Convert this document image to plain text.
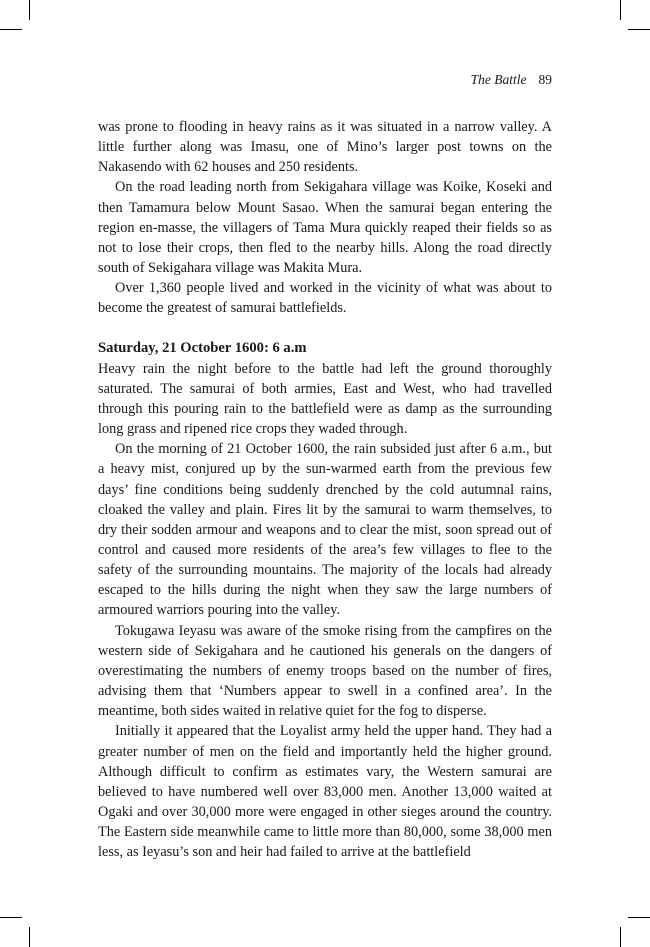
The Battle 89

was prone to flooding in heavy rains as it was situated in a narrow valley. A little further along was Imasu, one of Mino’s larger post towns on the Nakasendo with 62 houses and 250 residents.

On the road leading north from Sekigahara village was Koike, Koseki and then Tamamura below Mount Sasao. When the samurai began entering the region en-masse, the villagers of Tama Mura quickly reaped their fields so as not to lose their crops, then fled to the nearby hills. Along the road directly south of Sekigahara village was Makita Mura.

Over 1,360 people lived and worked in the vicinity of what was about to become the greatest of samurai battlefields.

Saturday, 21 October 1600: 6 a.m

Heavy rain the night before to the battle had left the ground thoroughly saturated. The samurai of both armies, East and West, who had travelled through this pouring rain to the battlefield were as damp as the surrounding long grass and ripened rice crops they waded through.

On the morning of 21 October 1600, the rain subsided just after 6 a.m., but a heavy mist, conjured up by the sun-warmed earth from the previous few days’ fine conditions being suddenly drenched by the cold autumnal rains, cloaked the valley and plain. Fires lit by the samurai to warm themselves, to dry their sodden armour and weapons and to clear the mist, soon spread out of control and caused more residents of the area’s few villages to flee to the safety of the surrounding mountains. The majority of the locals had already escaped to the hills during the night when they saw the large numbers of armoured warriors pouring into the valley.

Tokugawa Ieyasu was aware of the smoke rising from the campfires on the western side of Sekigahara and he cautioned his generals on the dangers of overestimating the numbers of enemy troops based on the number of fires, advising them that ‘Numbers appear to swell in a confined area’. In the meantime, both sides waited in relative quiet for the fog to disperse.

Initially it appeared that the Loyalist army held the upper hand. They had a greater number of men on the field and importantly held the higher ground. Although difficult to confirm as estimates vary, the Western samurai are believed to have numbered well over 83,000 men. Another 13,000 waited at Ogaki and over 30,000 more were engaged in other sieges around the country. The Eastern side meanwhile came to little more than 80,000, some 38,000 men less, as Ieyasu’s son and heir had failed to arrive at the battlefield
